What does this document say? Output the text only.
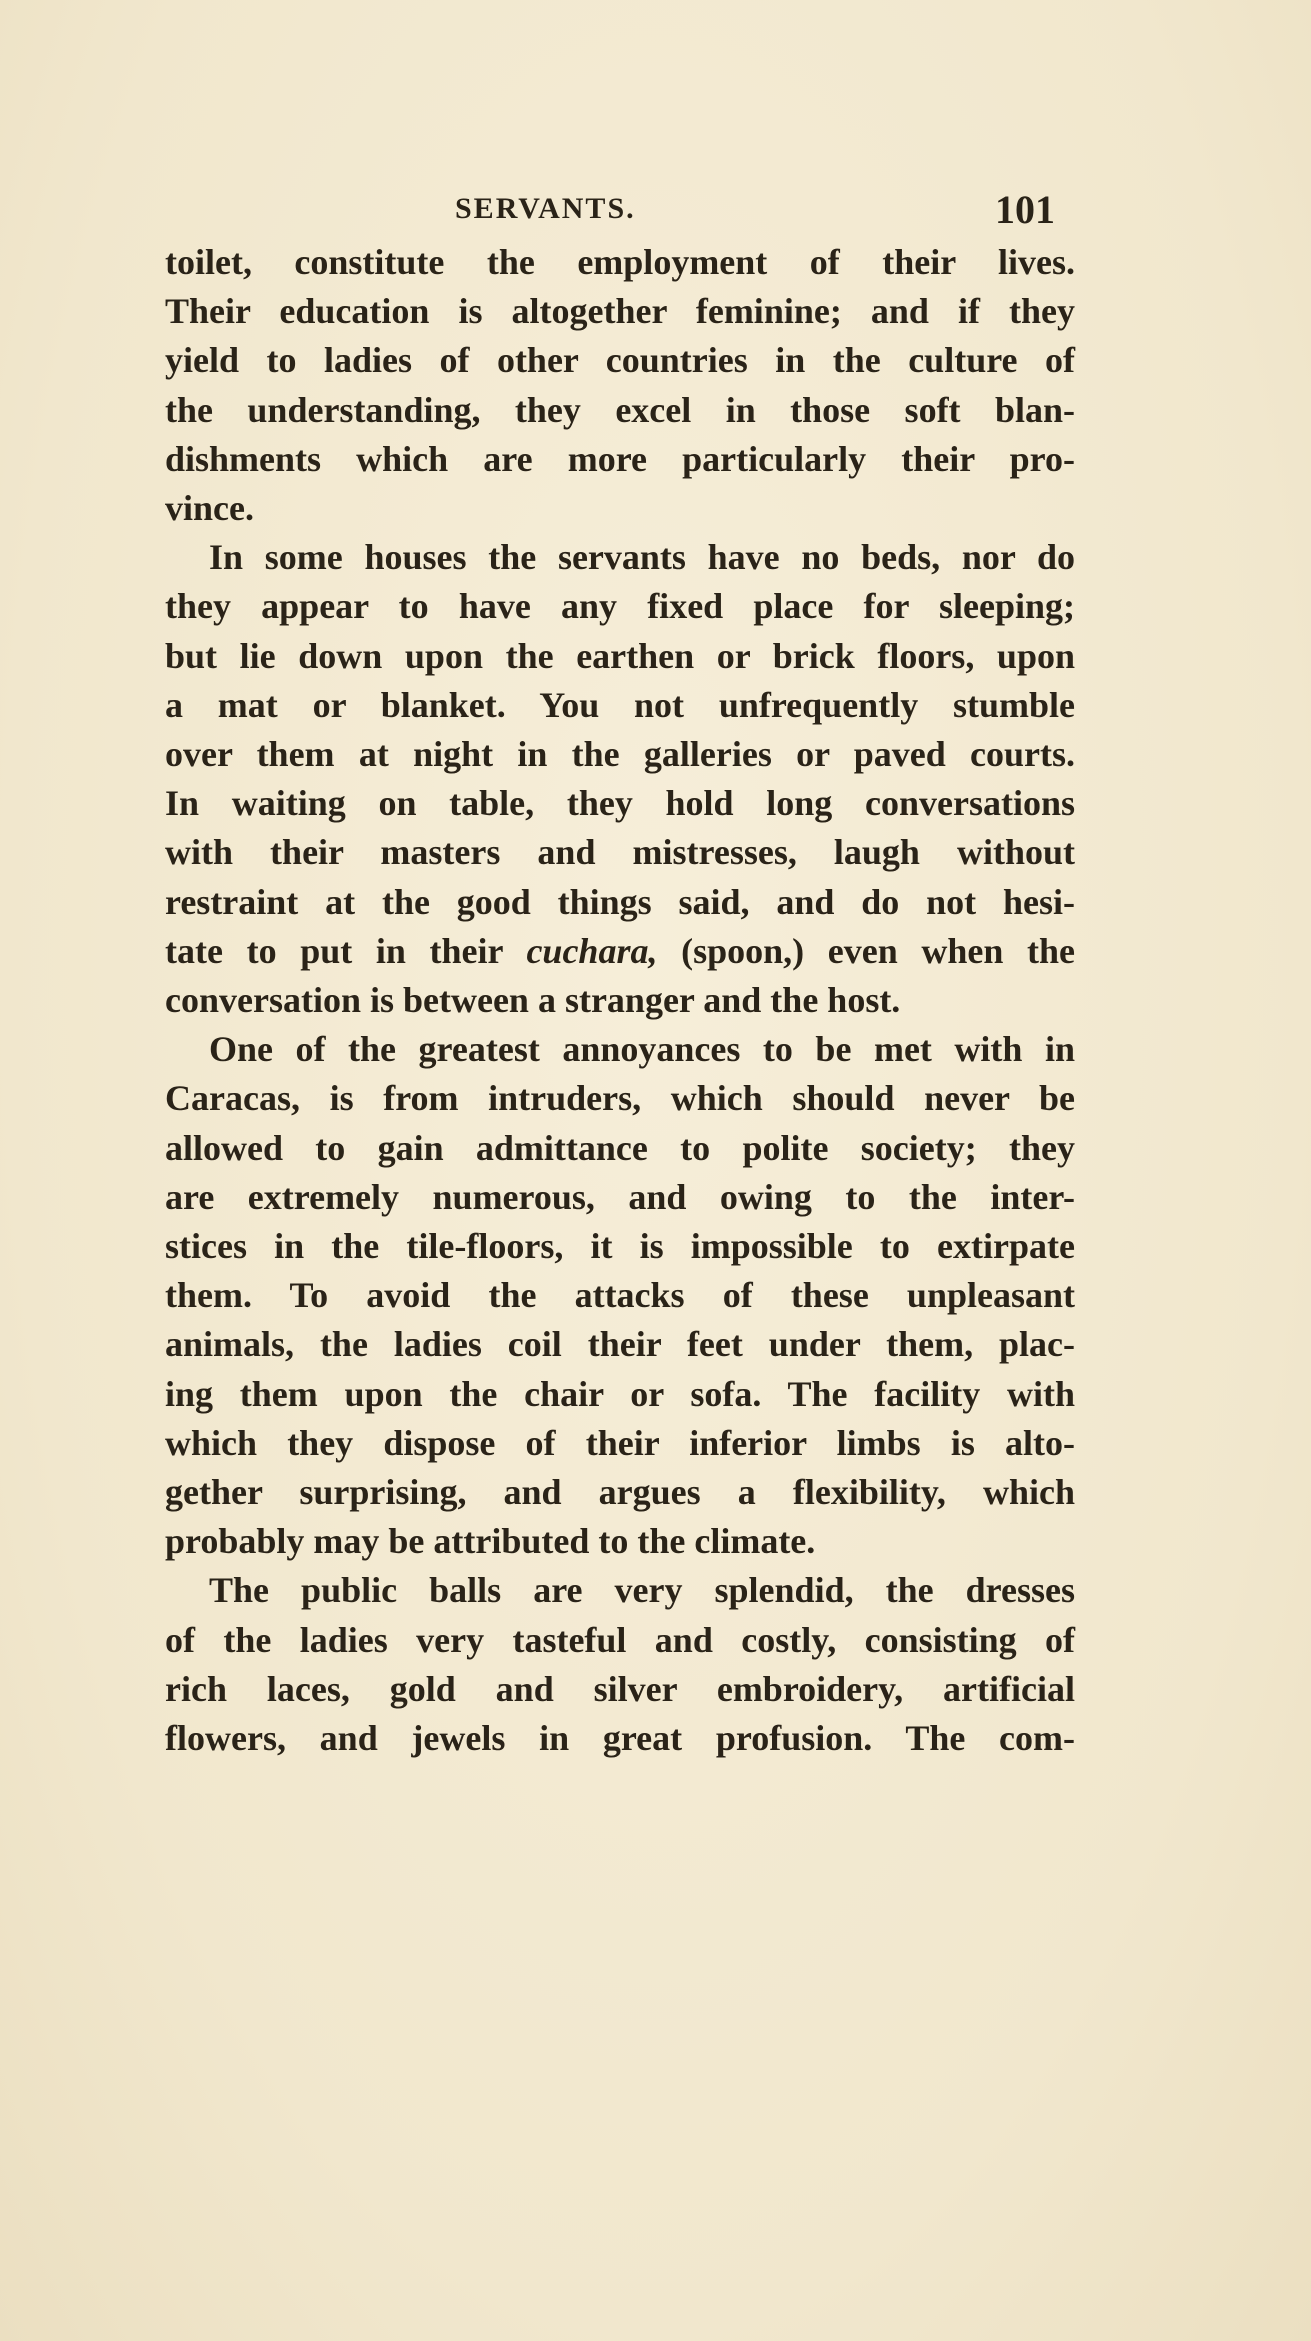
SERVANTS.	101

toilet, constitute the employment of their lives.
Their education is altogether feminine; and if they
yield to ladies of other countries in the culture of
the understanding, they excel in those soft blan-
dishments which are more particularly their pro-
vince.

In some houses the servants have no beds, nor do
they appear to have any fixed place for sleeping;
but lie down upon the earthen or brick floors, upon
a mat or blanket. You not unfrequently stumble
over them at night in the galleries or paved courts.
In waiting on table, they hold long conversations
with their masters and mistresses, laugh without
restraint at the good things said, and do not hesi-
tate to put in their cuchara, (spoon,) even when the
conversation is between a stranger and the host.

One of the greatest annoyances to be met with in
Caracas, is from intruders, which should never be
allowed to gain admittance to polite society; they
are extremely numerous, and owing to the inter-
stices in the tile-floors, it is impossible to extirpate
them. To avoid the attacks of these unpleasant
animals, the ladies coil their feet under them, plac-
ing them upon the chair or sofa. The facility with
which they dispose of their inferior limbs is alto-
gether surprising, and argues a flexibility, which
probably may be attributed to the climate.

The public balls are very splendid, the dresses
of the ladies very tasteful and costly, consisting of
rich laces, gold and silver embroidery, artificial
flowers, and jewels in great profusion. The com-
